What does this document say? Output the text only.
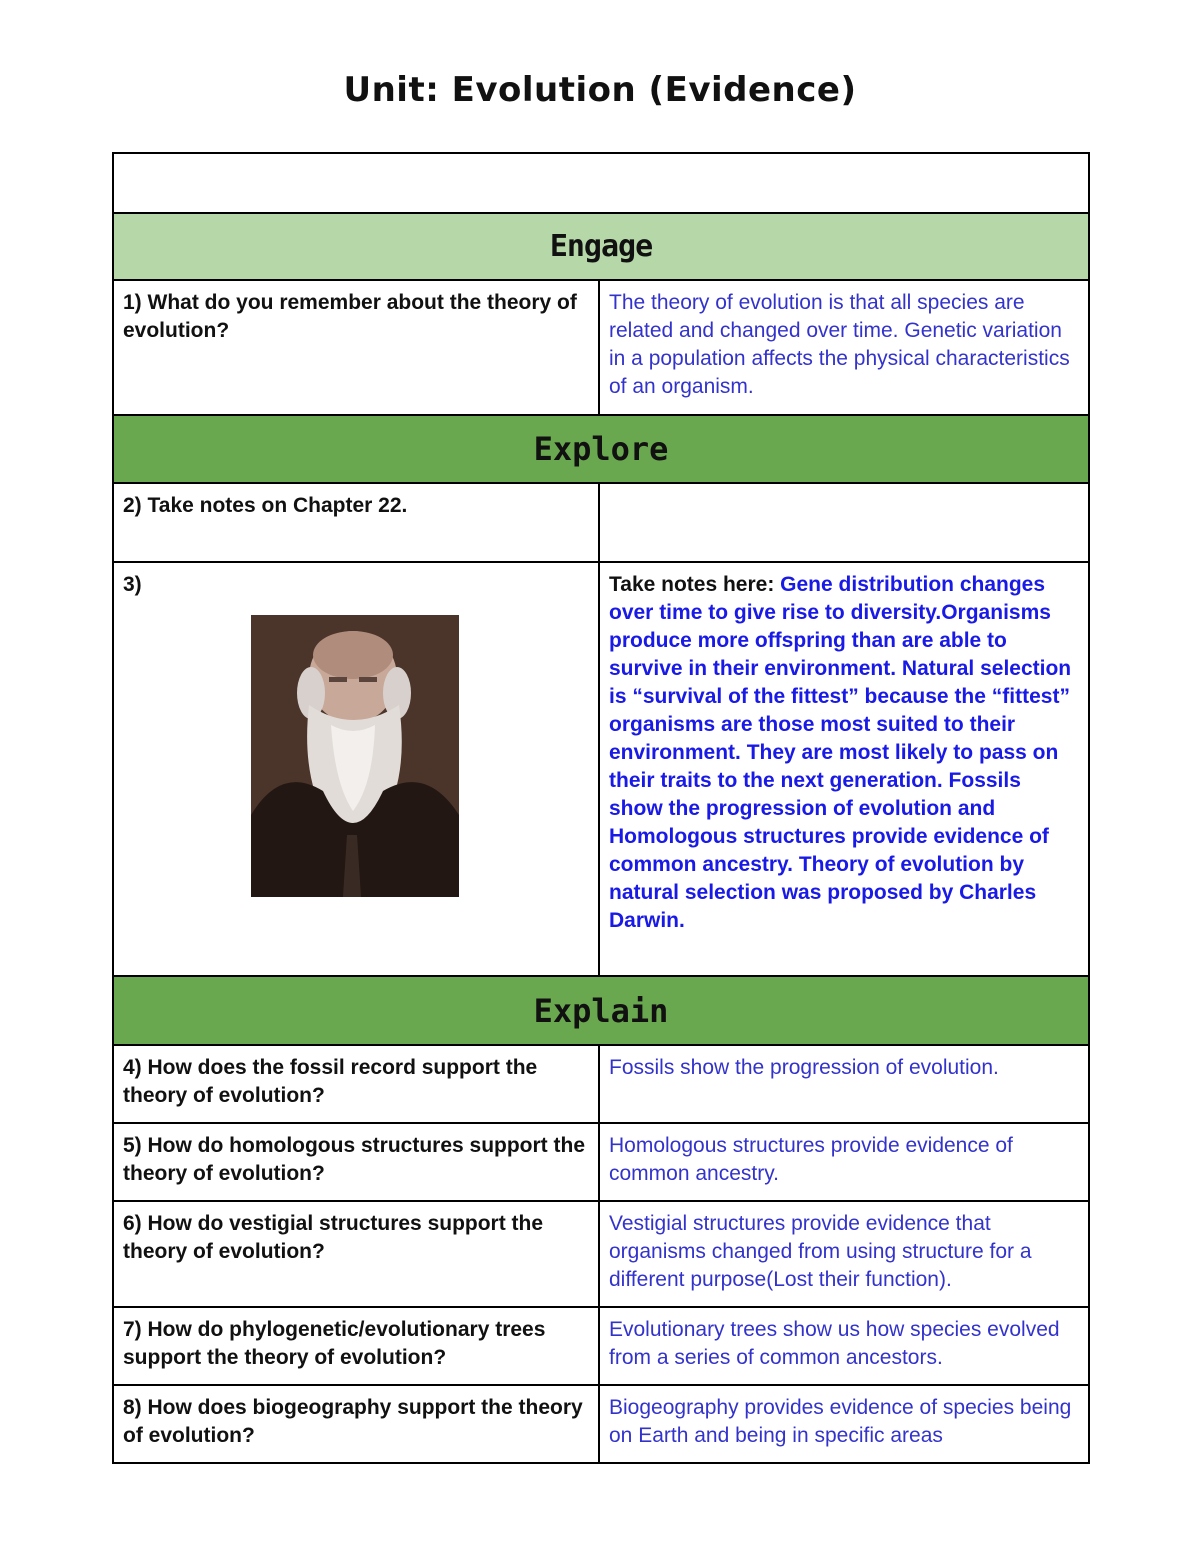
Unit: Evolution (Evidence)

Engage	
1) What do you remember about the theory of evolution?	The theory of evolution is that all species are related and changed over time. Genetic variation in a population affects the physical characteristics of an organism.
Explore	
2) Take notes on Chapter 22.	

3)	Take notes here: Gene distribution changes over time to give rise to diversity.Organisms produce more offspring than are able to survive in their environment. Natural selection is “survival of the fittest” because the “fittest” organisms are those most suited to their environment. They are most likely to pass on their traits to the next generation. Fossils show the progression of evolution and Homologous structures provide evidence of common ancestry. Theory of evolution by natural selection was proposed by Charles Darwin.
Explain	
4) How does the fossil record support the theory of evolution?	Fossils show the progression of evolution.
5) How do homologous structures support the theory of evolution?	Homologous structures provide evidence of common ancestry.
6) How do vestigial structures support the theory of evolution?	Vestigial structures provide evidence that organisms changed from using structure for a different purpose(Lost their function).
7) How do phylogenetic/evolutionary trees support the theory of evolution?	Evolutionary trees show us how species evolved from a series of common ancestors.
8) How does biogeography support the theory of evolution?	Biogeography provides evidence of species being on Earth and being in specific areas
